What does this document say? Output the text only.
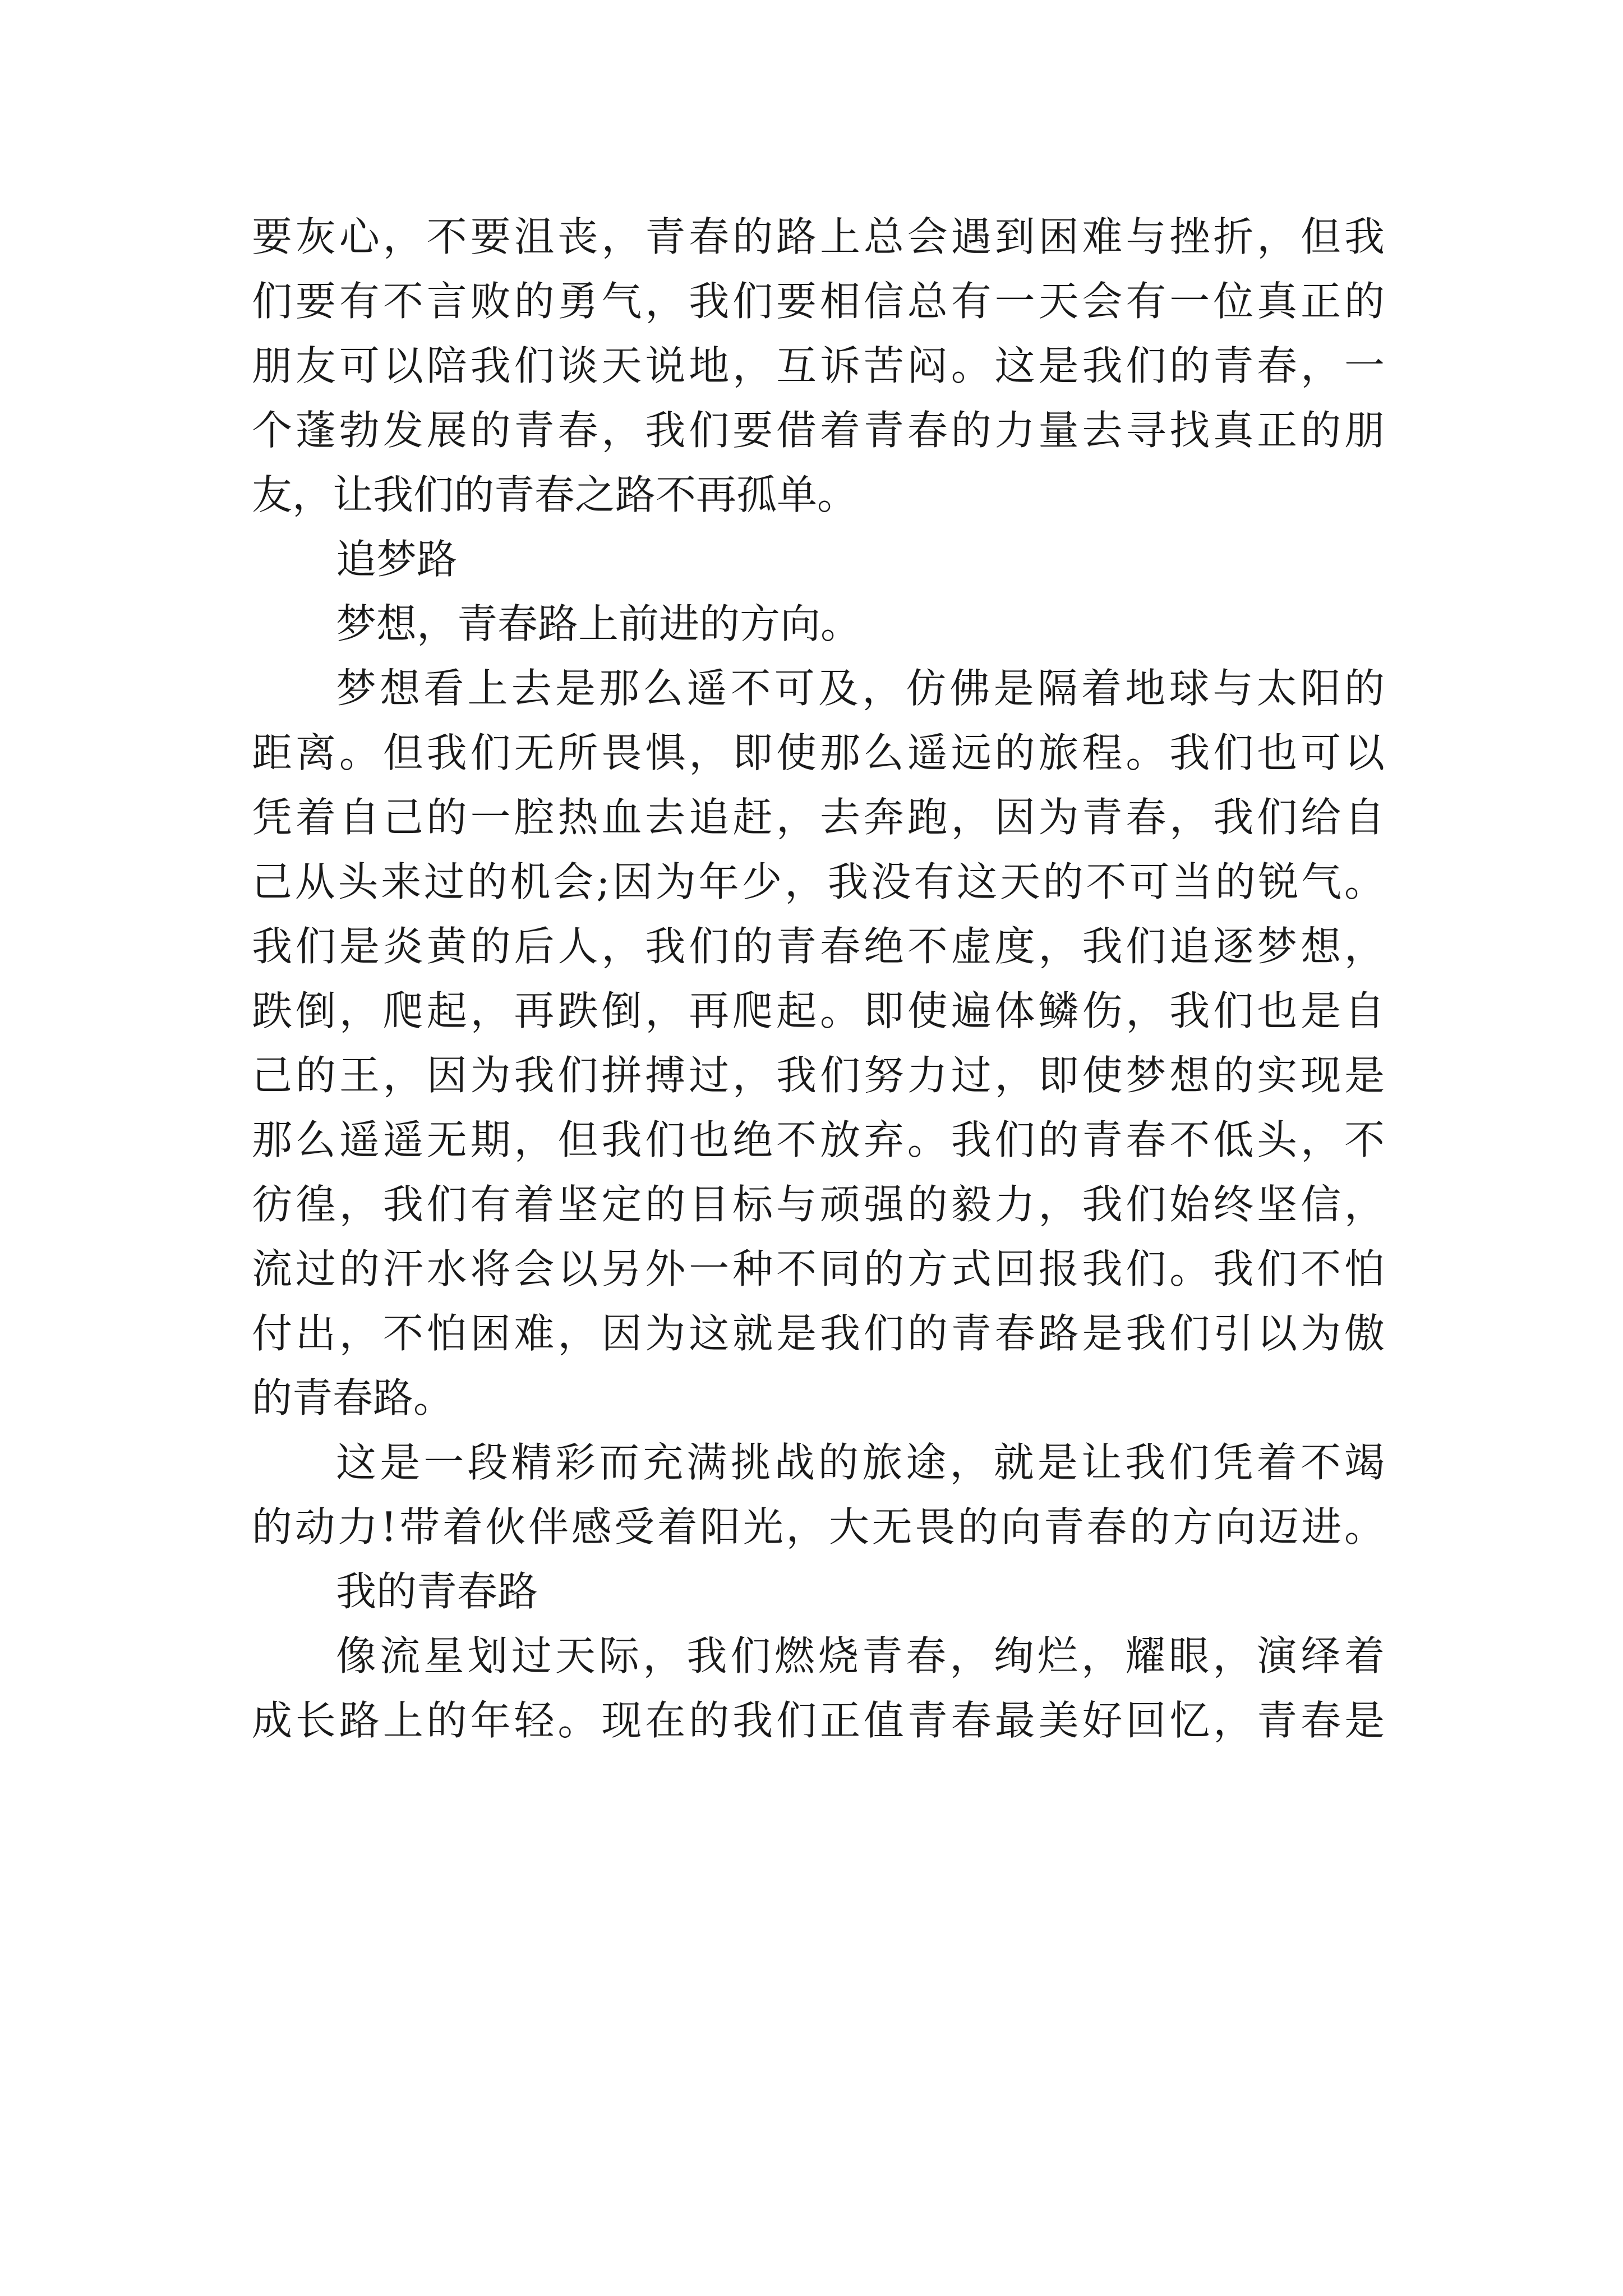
要灰心，不要沮丧，青春的路上总会遇到困难与挫折，但我
们要有不言败的勇气，我们要相信总有一天会有一位真正的
朋友可以陪我们谈天说地，互诉苦闷。这是我们的青春，一
个蓬勃发展的青春，我们要借着青春的力量去寻找真正的朋
友，让我们的青春之路不再孤单。
追梦路
梦想，青春路上前进的方向。
梦想看上去是那么遥不可及，仿佛是隔着地球与太阳的
距离。但我们无所畏惧，即使那么遥远的旅程。我们也可以
凭着自己的一腔热血去追赶，去奔跑，因为青春，我们给自
己从头来过的机会;因为年少，我没有这天的不可当的锐气。
我们是炎黄的后人，我们的青春绝不虚度，我们追逐梦想，
跌倒，爬起，再跌倒，再爬起。即使遍体鳞伤，我们也是自
己的王，因为我们拼搏过，我们努力过，即使梦想的实现是
那么遥遥无期，但我们也绝不放弃。我们的青春不低头，不
彷徨，我们有着坚定的目标与顽强的毅力，我们始终坚信，
流过的汗水将会以另外一种不同的方式回报我们。我们不怕
付出，不怕困难，因为这就是我们的青春路是我们引以为傲
的青春路。
这是一段精彩而充满挑战的旅途，就是让我们凭着不竭
的动力!带着伙伴感受着阳光，大无畏的向青春的方向迈进。
我的青春路
像流星划过天际，我们燃烧青春，绚烂，耀眼，演绎着
成长路上的年轻。现在的我们正值青春最美好回忆，青春是
